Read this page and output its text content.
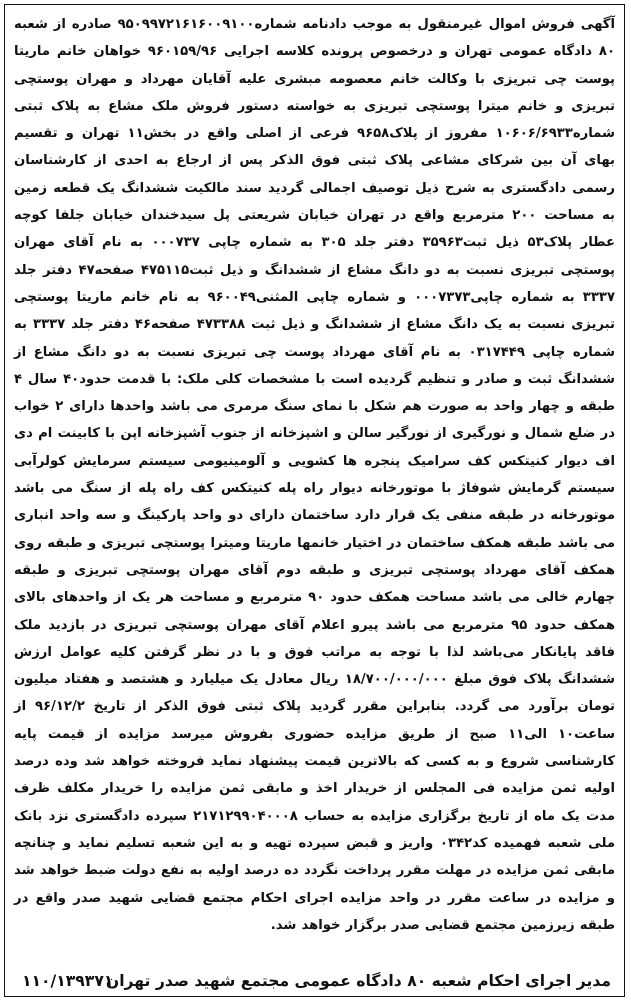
آگهی فروش اموال غیرمنقول به موجب دادنامه شماره۹۵۰۹۹۷۲۱۶۱۶۰۰۹۱۰۰ صادره از شعبه ۸۰ دادگاه عمومی تهران و درخصوص پرونده کلاسه اجرایی ۹۶۰۱۵۹/۹۶ خواهان خانم ماریتا پوست چی تبریزی با وکالت خانم معصومه مبشری علیه آقایان مهرداد و مهران پوستچی تبریزی و خانم میترا پوستچی تبریزی به خواسته دستور فروش ملک مشاع به پلاک ثبتی شماره۱۰۶۰۶/۶۹۳۳ مفروز از پلاک۹۶۵۸ فرعی از اصلی واقع در بخش۱۱ تهران و تقسیم بهای آن بین شرکای مشاعی پلاک ثبتی فوق الذکر پس از ارجاع به احدی از کارشناسان رسمی دادگستری به شرح ذیل توصیف اجمالی گردید سند مالکیت ششدانگ یک قطعه زمین به مساحت ۲۰۰ مترمربع واقع در تهران خیابان شریعتی پل سیدخندان خیابان جلفا کوچه عطار پلاک۵۳ ذیل ثبت۳۵۹۶۳ دفتر جلد ۳۰۵ به شماره چاپی ۰۰۰۷۳۷ به نام آقای مهران پوستچی تبریزی نسبت به دو دانگ مشاع از ششدانگ و ذیل ثبت۴۷۵۱۱۵ صفحه۴۷ دفتر جلد ۳۳۳۷ به شماره چاپی۰۰۰۷۳۷۳ و شماره چاپی المثنی۹۶۰۰۴۹ به نام خانم ماریتا پوستچی تبریزی نسبت به یک دانگ مشاع از ششدانگ و ذیل ثبت ۴۷۳۳۸۸ صفحه۴۶ دفتر جلد ۳۳۳۷ به شماره چاپی ۰۳۱۷۴۴۹ به نام آقای مهرداد پوست چی تبریزی نسبت به دو دانگ مشاع از ششدانگ ثبت و صادر و تنظیم گردیده است با مشخصات کلی ملک: با قدمت حدود۴۰ سال ۴ طبقه و چهار واحد به صورت هم شکل با نمای سنگ مرمری می باشد واحدها دارای ۲ خواب در ضلع شمال و نورگیری از نورگیر سالن و اشپزخانه از جنوب آشپزخانه اپن با کابینت ام دی اف دیوار کنیتکس کف سرامیک پنجره ها کشویی و آلومینیومی سیستم سرمایش کولرآبی سیستم گرمایش شوفاژ با موتورخانه دیوار راه پله کنیتکس کف راه پله از سنگ می باشد موتورخانه در طبقه منفی یک قرار دارد ساختمان دارای دو واحد پارکینگ و سه واحد انباری می باشد طبقه همکف ساختمان در اختیار خانمها ماریتا ومیترا پوستچی تبریزی و طبقه روی همکف آقای مهرداد پوستچی تبریزی و طبقه دوم آقای مهران پوستچی تبریزی و طبقه چهارم خالی می باشد مساحت همکف حدود ۹۰ مترمربع و مساحت هر یک از واحدهای بالای همکف حدود ۹۵ مترمربع می باشد پیرو اعلام آقای مهران پوستچی تبریزی در بازدید ملک فاقد پایانکار می‌باشد لذا با توجه به مراتب فوق و با در نظر گرفتن کلیه عوامل ارزش ششدانگ پلاک فوق مبلغ ۱۸/۷۰۰/۰۰۰/۰۰۰ ریال معادل یک میلیارد و هشتصد و هفتاد میلیون تومان برآورد می گردد. بنابراین مقرر گردید پلاک ثبتی فوق الذکر از تاریخ ۹۶/۱۲/۲ از ساعت۱۰ الی۱۱ صبح از طریق مزایده حضوری بفروش میرسد مزایده از قیمت پایه کارشناسی شروع و به کسی که بالاترین قیمت پیشنهاد نماید فروخته خواهد شد وده درصد اولیه ثمن مزایده فی المجلس از خریدار اخذ و مابقی ثمن مزایده را خریدار مکلف ظرف مدت یک ماه از تاریخ برگزاری مزایده به حساب ۲۱۷۱۲۹۹۰۴۰۰۰۸ سپرده دادگستری نزد بانک ملی شعبه فهمیده کد۰۳۴۲ واریز و قبض سپرده تهیه و به این شعبه تسلیم نماید و چنانچه مابقی ثمن مزایده در مهلت مقرر پرداخت نگردد ده درصد اولیه به نفع دولت ضبط خواهد شد و مزایده در ساعت مقرر در واحد مزایده اجرای احکام مجتمع قضایی شهید صدر واقع در طبقه زیرزمین مجتمع قضایی صدر برگزار خواهد شد.

مدیر اجرای احکام شعبه ۸۰ دادگاه عمومی مجتمع شهید صدر تهران
۱۱۰/۱۳۹۳۷۱
